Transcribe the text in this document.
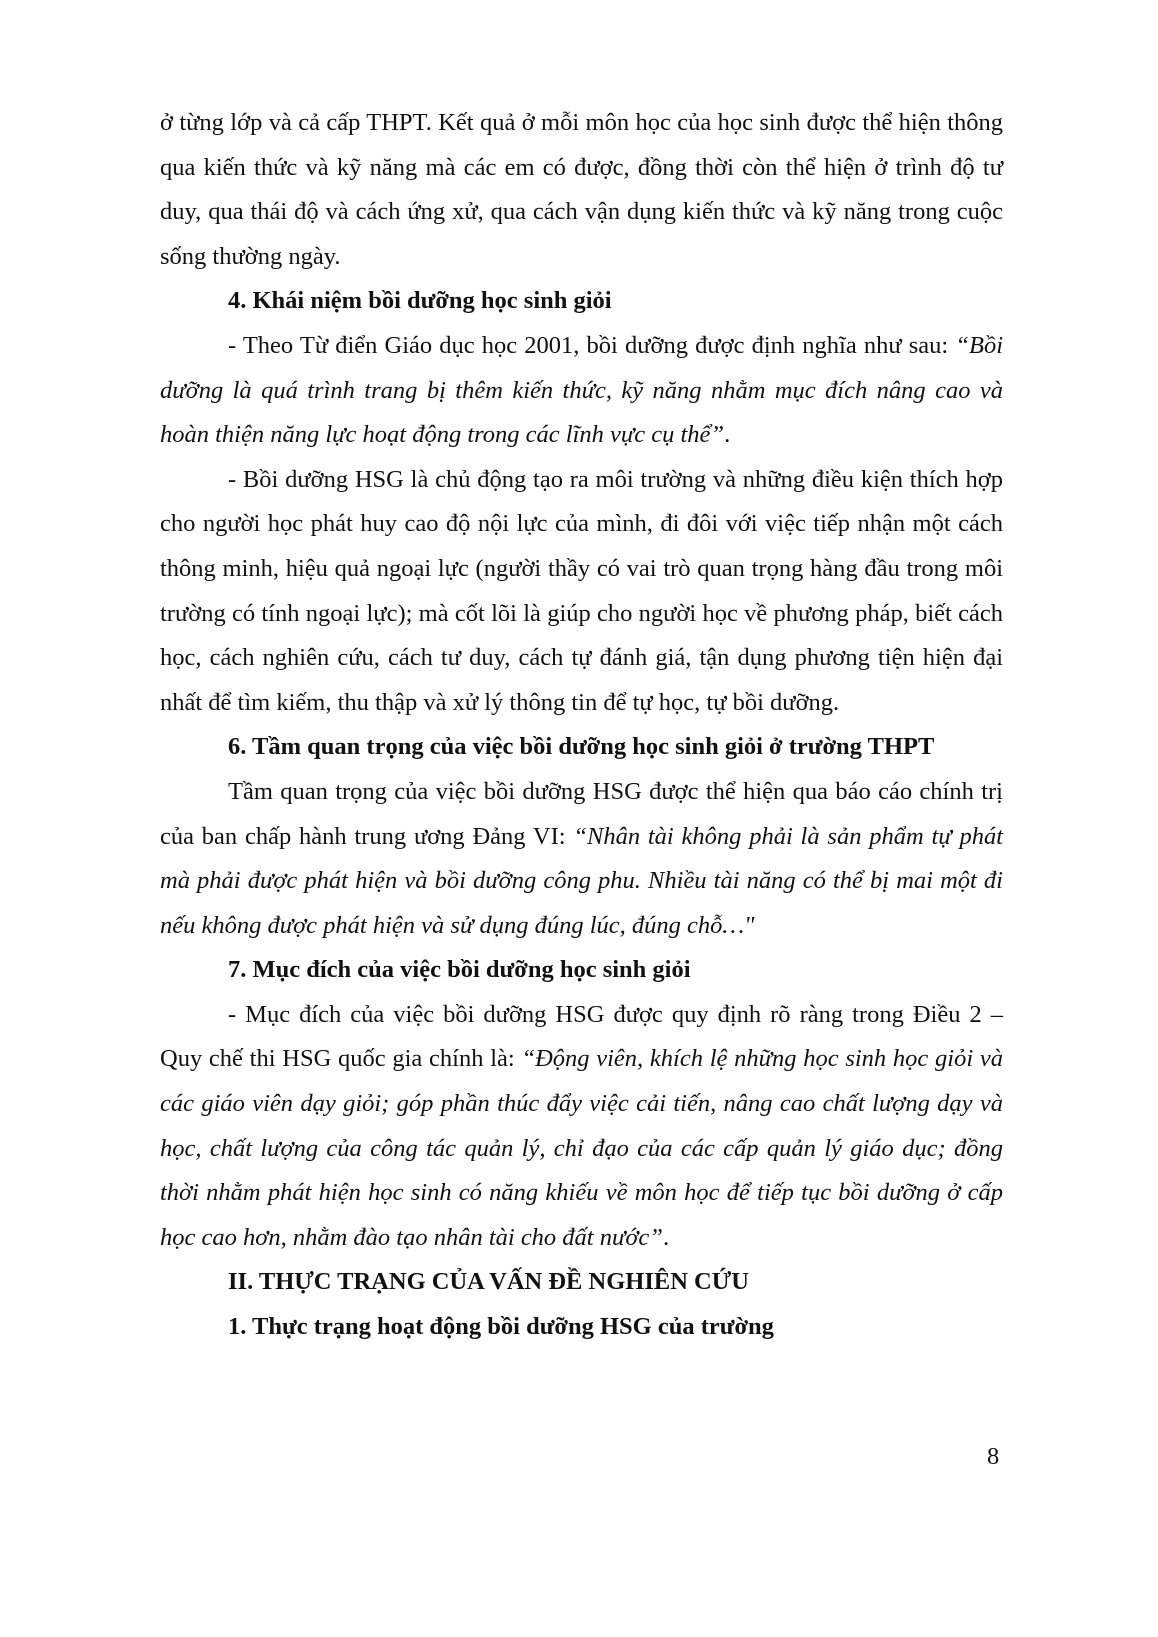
ở từng lớp và cả cấp THPT. Kết quả ở mỗi môn học của học sinh được thể hiện thông qua kiến thức và kỹ năng mà các em có được, đồng thời còn thể hiện ở trình độ tư duy, qua thái độ và cách ứng xử, qua cách vận dụng kiến thức và kỹ năng trong cuộc sống thường ngày.

4. Khái niệm bồi dưỡng học sinh giỏi

- Theo Từ điển Giáo dục học 2001, bồi dưỡng được định nghĩa như sau: “Bồi dưỡng là quá trình trang bị thêm kiến thức, kỹ năng nhằm mục đích nâng cao và hoàn thiện năng lực hoạt động trong các lĩnh vực cụ thể”.

- Bồi dưỡng HSG là chủ động tạo ra môi trường và những điều kiện thích hợp cho người học phát huy cao độ nội lực của mình, đi đôi với việc tiếp nhận một cách thông minh, hiệu quả ngoại lực (người thầy có vai trò quan trọng hàng đầu trong môi trường có tính ngoại lực); mà cốt lõi là giúp cho người học về phương pháp, biết cách học, cách nghiên cứu, cách tư duy, cách tự đánh giá, tận dụng phương tiện hiện đại nhất để tìm kiếm, thu thập và xử lý thông tin để tự học, tự bồi dưỡng.

6. Tầm quan trọng của việc bồi dưỡng học sinh giỏi ở trường THPT

Tầm quan trọng của việc bồi dưỡng HSG được thể hiện qua báo cáo chính trị của ban chấp hành trung ương Đảng VI: “Nhân tài không phải là sản phẩm tự phát mà phải được phát hiện và bồi dưỡng công phu. Nhiều tài năng có thể bị mai một đi nếu không được phát hiện và sử dụng đúng lúc, đúng chỗ…"

7. Mục đích của việc bồi dưỡng học sinh giỏi

- Mục đích của việc bồi dưỡng HSG được quy định rõ ràng trong Điều 2 – Quy chế thi HSG quốc gia chính là: “Động viên, khích lệ những học sinh học giỏi và các giáo viên dạy giỏi; góp phần thúc đẩy việc cải tiến, nâng cao chất lượng dạy và học, chất lượng của công tác quản lý, chỉ đạo của các cấp quản lý giáo dục; đồng thời nhằm phát hiện học sinh có năng khiếu về môn học để tiếp tục bồi dưỡng ở cấp học cao hơn, nhằm đào tạo nhân tài cho đất nước”.

II. THỰC TRẠNG CỦA VẤN ĐỀ NGHIÊN CỨU

1. Thực trạng hoạt động bồi dưỡng HSG của trường

8
